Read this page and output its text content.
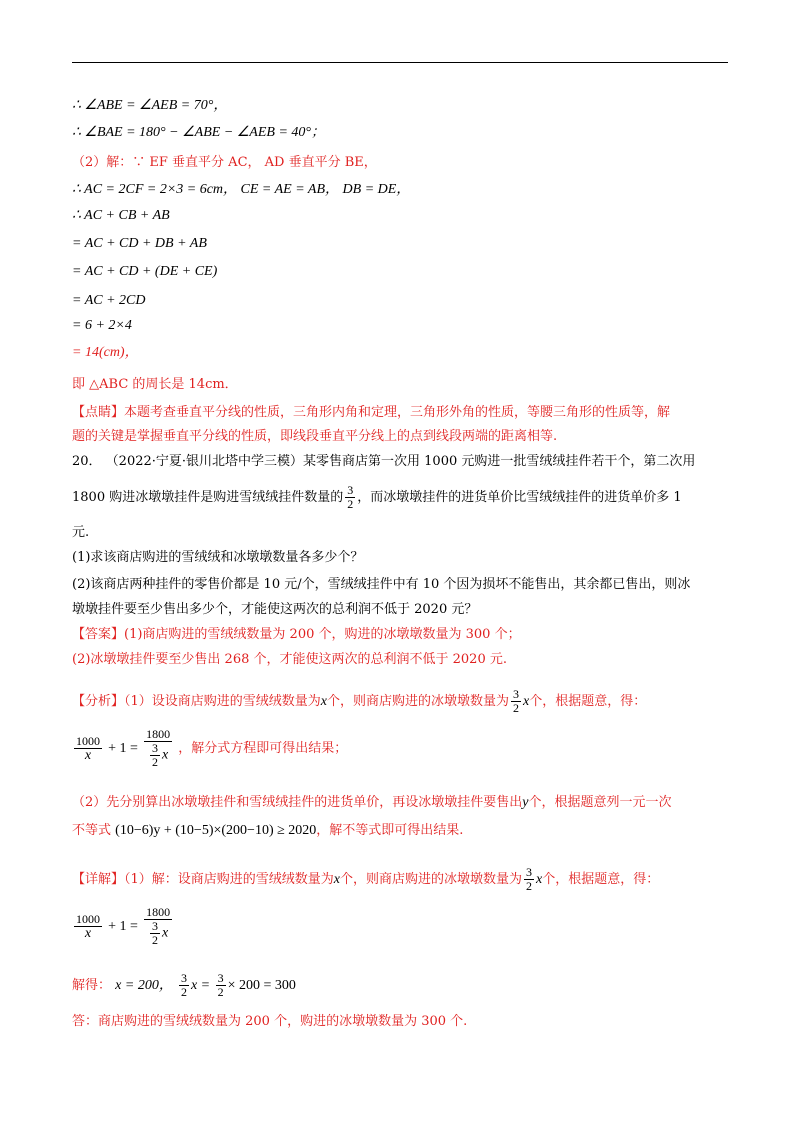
∴ ∠ABE = ∠AEB = 70°，
∴ ∠BAE = 180° − ∠ABE − ∠AEB = 40°；
（2）解：∵ EF 垂直平分 AC， AD 垂直平分 BE，
∴ AC = 2CF = 2×3 = 6cm， CE = AE = AB， DB = DE，
∴ AC + CB + AB
= AC + CD + DB + AB
= AC + CD + (DE + CE)
= AC + 2CD
= 6 + 2×4
= 14(cm)，
即 △ABC 的周长是 14cm．
【点睛】本题考查垂直平分线的性质，三角形内角和定理，三角形外角的性质，等腰三角形的性质等，解
题的关键是掌握垂直平分线的性质，即线段垂直平分线上的点到线段两端的距离相等.
20． （2022·宁夏·银川北塔中学三模）某零售商店第一次用 1000 元购进一批雪绒绒挂件若干个，第二次用
1800 购进冰墩墩挂件是购进雪绒绒挂件数量的 $\frac{3}{2}$ ，而冰墩墩挂件的进货单价比雪绒绒挂件的进货单价多 1
元.
(1)求该商店购进的雪绒绒和冰墩墩数量各多少个？
(2)该商店两种挂件的零售价都是 10 元/个，雪绒绒挂件中有 10 个因为损坏不能售出，其余都已售出，则冰
墩墩挂件要至少售出多少个，才能使这两次的总利润不低于 2020 元？
【答案】(1)商店购进的雪绒绒数量为 200 个，购进的冰墩墩数量为 300 个；
(2)冰墩墩挂件要至少售出 268 个，才能使这两次的总利润不低于 2020 元.
【分析】（1）设设商店购进的雪绒绒数量为x个，则商店购进的冰墩墩数量为 $\frac{3}{2}$ x个，根据题意，得：
$\frac{1000}{x} + 1 = \frac{1800}{\frac{3}{2} x}$ ，解分式方程即可得出结果；
（2）先分别算出冰墩墩挂件和雪绒绒挂件的进货单价，再设冰墩墩挂件要售出y个，根据题意列一元一次
不等式 (10−6)y + (10−5)×(200−10) ≥ 2020，解不等式即可得出结果.
【详解】（1）解：设商店购进的雪绒绒数量为x个，则商店购进的冰墩墩数量为 $\frac{3}{2}$ x个，根据题意，得：
$\frac{1000}{x} + 1 = \frac{1800}{\frac{3}{2} x}$
解得： x = 200， $\frac{3}{2}$ $x = \frac{3}{2} \times 200 = 300$
答：商店购进的雪绒绒数量为 200 个，购进的冰墩墩数量为 300 个.
